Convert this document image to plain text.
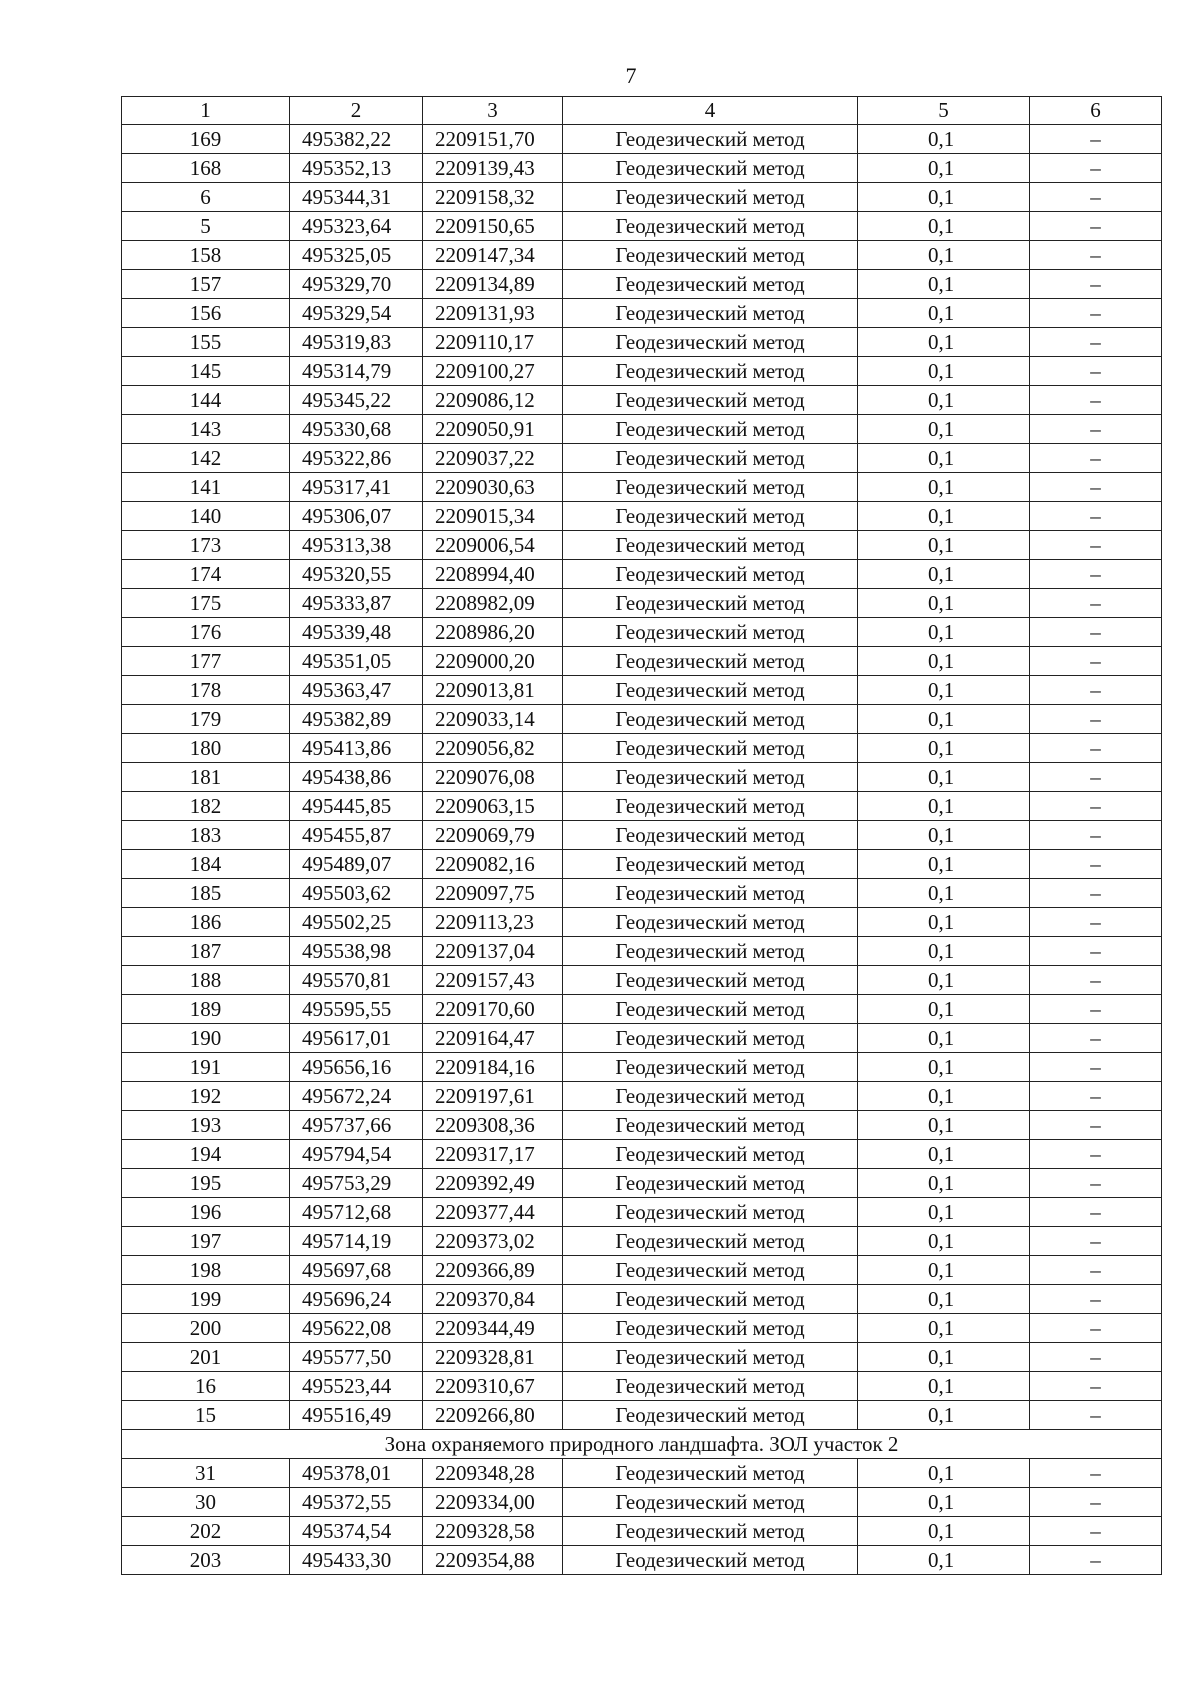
7
1	2	3	4	5	6
169	495382,22	2209151,70	Геодезический метод	0,1	–
168	495352,13	2209139,43	Геодезический метод	0,1	–
6	495344,31	2209158,32	Геодезический метод	0,1	–
5	495323,64	2209150,65	Геодезический метод	0,1	–
158	495325,05	2209147,34	Геодезический метод	0,1	–
157	495329,70	2209134,89	Геодезический метод	0,1	–
156	495329,54	2209131,93	Геодезический метод	0,1	–
155	495319,83	2209110,17	Геодезический метод	0,1	–
145	495314,79	2209100,27	Геодезический метод	0,1	–
144	495345,22	2209086,12	Геодезический метод	0,1	–
143	495330,68	2209050,91	Геодезический метод	0,1	–
142	495322,86	2209037,22	Геодезический метод	0,1	–
141	495317,41	2209030,63	Геодезический метод	0,1	–
140	495306,07	2209015,34	Геодезический метод	0,1	–
173	495313,38	2209006,54	Геодезический метод	0,1	–
174	495320,55	2208994,40	Геодезический метод	0,1	–
175	495333,87	2208982,09	Геодезический метод	0,1	–
176	495339,48	2208986,20	Геодезический метод	0,1	–
177	495351,05	2209000,20	Геодезический метод	0,1	–
178	495363,47	2209013,81	Геодезический метод	0,1	–
179	495382,89	2209033,14	Геодезический метод	0,1	–
180	495413,86	2209056,82	Геодезический метод	0,1	–
181	495438,86	2209076,08	Геодезический метод	0,1	–
182	495445,85	2209063,15	Геодезический метод	0,1	–
183	495455,87	2209069,79	Геодезический метод	0,1	–
184	495489,07	2209082,16	Геодезический метод	0,1	–
185	495503,62	2209097,75	Геодезический метод	0,1	–
186	495502,25	2209113,23	Геодезический метод	0,1	–
187	495538,98	2209137,04	Геодезический метод	0,1	–
188	495570,81	2209157,43	Геодезический метод	0,1	–
189	495595,55	2209170,60	Геодезический метод	0,1	–
190	495617,01	2209164,47	Геодезический метод	0,1	–
191	495656,16	2209184,16	Геодезический метод	0,1	–
192	495672,24	2209197,61	Геодезический метод	0,1	–
193	495737,66	2209308,36	Геодезический метод	0,1	–
194	495794,54	2209317,17	Геодезический метод	0,1	–
195	495753,29	2209392,49	Геодезический метод	0,1	–
196	495712,68	2209377,44	Геодезический метод	0,1	–
197	495714,19	2209373,02	Геодезический метод	0,1	–
198	495697,68	2209366,89	Геодезический метод	0,1	–
199	495696,24	2209370,84	Геодезический метод	0,1	–
200	495622,08	2209344,49	Геодезический метод	0,1	–
201	495577,50	2209328,81	Геодезический метод	0,1	–
16	495523,44	2209310,67	Геодезический метод	0,1	–
15	495516,49	2209266,80	Геодезический метод	0,1	–
Зона охраняемого природного ландшафта. ЗОЛ участок 2					
31	495378,01	2209348,28	Геодезический метод	0,1	–
30	495372,55	2209334,00	Геодезический метод	0,1	–
202	495374,54	2209328,58	Геодезический метод	0,1	–
203	495433,30	2209354,88	Геодезический метод	0,1	–
